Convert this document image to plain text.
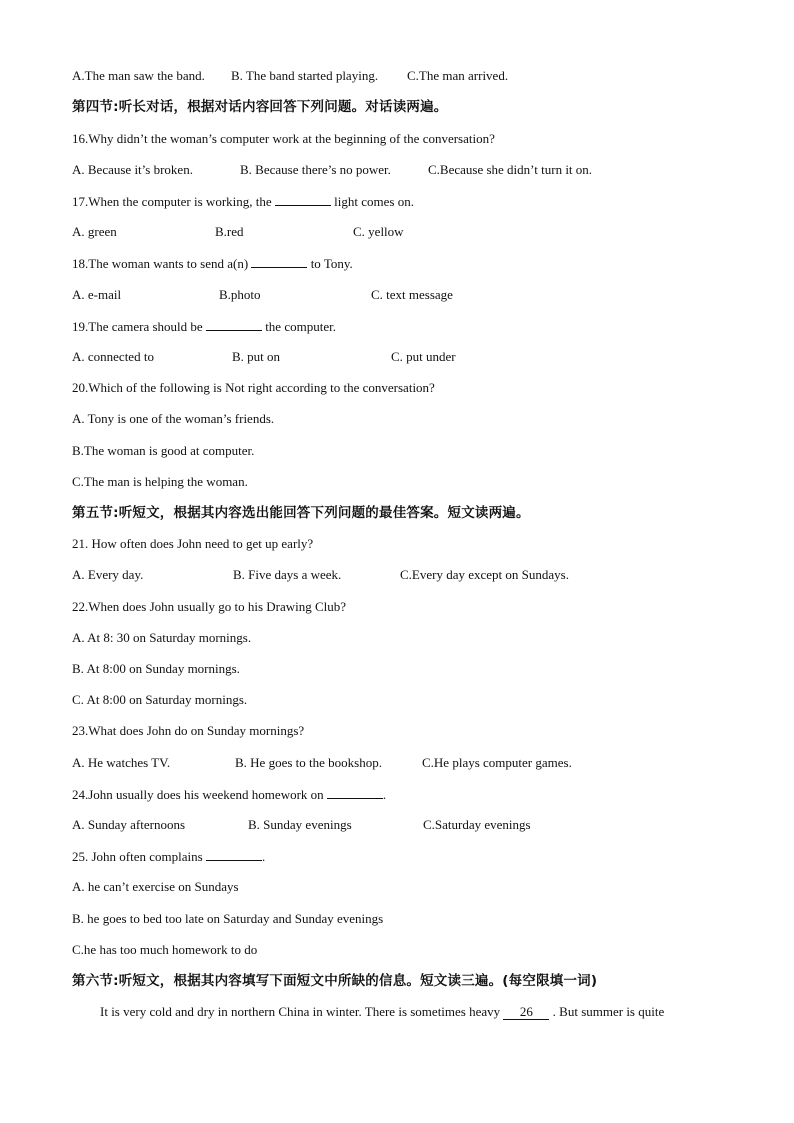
A.The man saw the band. B. The band started playing. C.The man arrived.
第四节:听长对话，根据对话内容回答下列问题。对话读两遍。
16.Why didn’t the woman’s computer work at the beginning of the conversation?
A. Because it’s broken.	B. Because there’s no power.	C.Because she didn’t turn it on.
17.When the computer is working, the	light comes on.
A. green	B.red	C. yellow
18.The woman wants to send a(n)	to Tony.
A. e-mail	B.photo	C. text message
19.The camera should be	the computer.
A. connected to	B. put on	C. put under
20.Which of the following is Not right according to the conversation?
A. Tony is one of the woman’s friends.
B.The woman is good at computer.
C.The man is helping the woman.
第五节:听短文，根据其内容选出能回答下列问题的最佳答案。短文读两遍。
21. How often does John need to get up early?
A. Every day.	B. Five days a week.	C.Every day except on Sundays.
22.When does John usually go to his Drawing Club?
A. At 8: 30 on Saturday mornings.
B. At 8:00 on Sunday mornings.
C. At 8:00 on Saturday mornings.
23.What does John do on Sunday mornings?
A. He watches TV.	B. He goes to the bookshop.	C.He plays computer games.
24.John usually does his weekend homework on	.
A. Sunday afternoons	B. Sunday evenings	C.Saturday evenings
25. John often complains	.
A. he can’t exercise on Sundays
B. he goes to bed too late on Saturday and Sunday evenings
C.he has too much homework to do
第六节:听短文，根据其内容填写下面短文中所缺的信息。短文读三遍。(每空限填一词)
It is very cold and dry in northern China in winter. There is sometimes heavy 26 . But summer is quite
